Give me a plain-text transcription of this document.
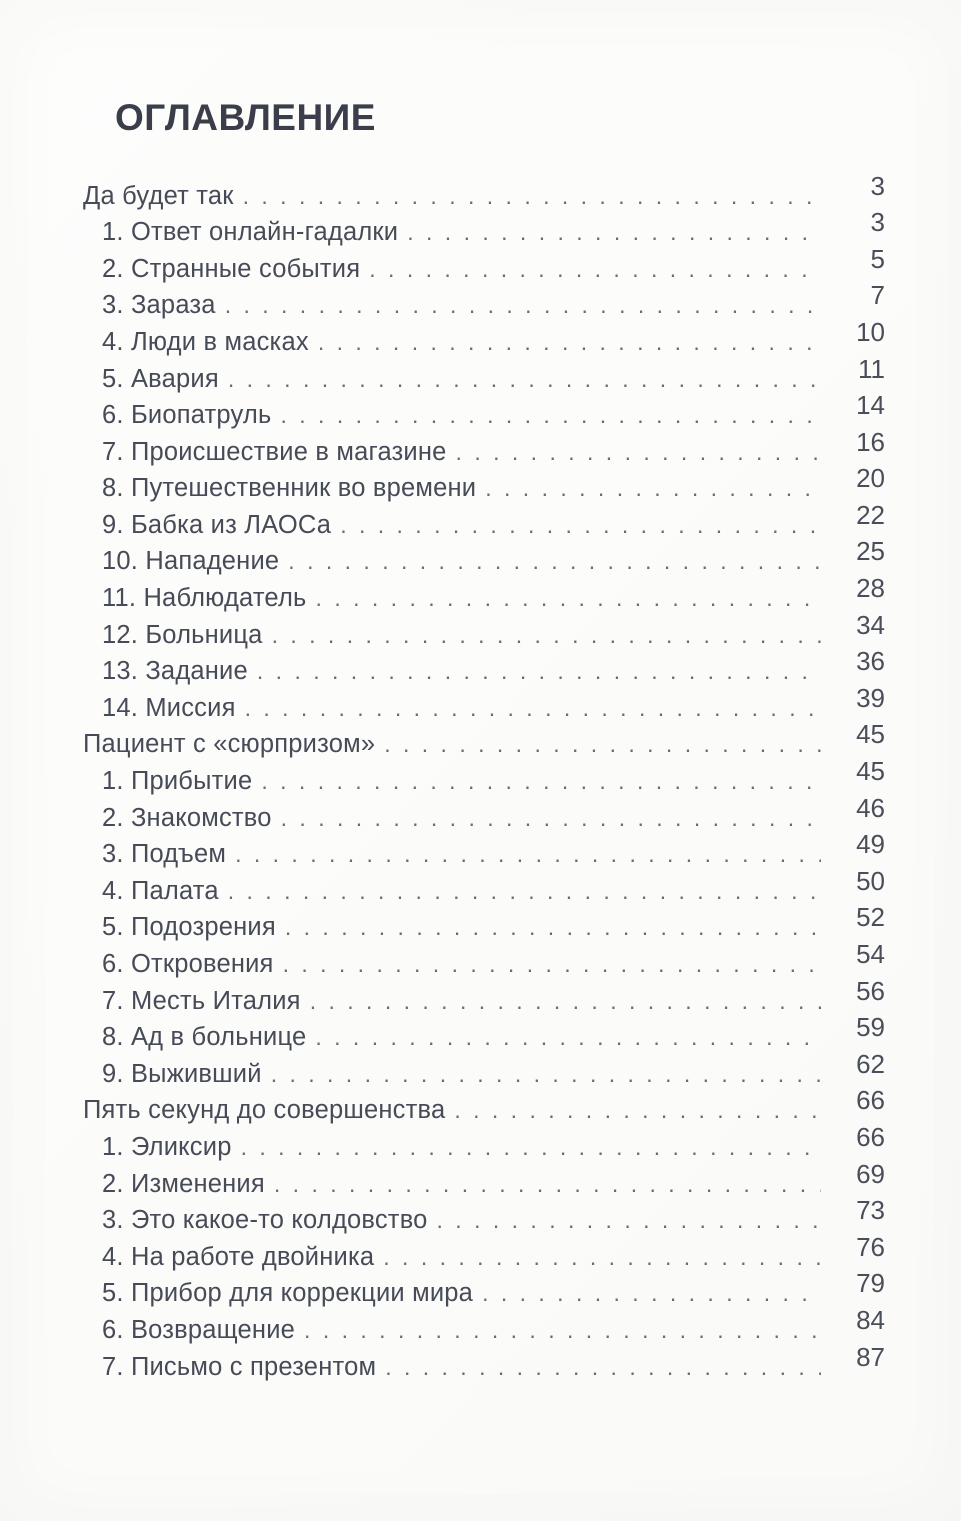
ОГЛАВЛЕНИЕ
Да будет так . . .	3
1. Ответ онлайн-гадалки . . .	3
2. Странные события . . .	5
3. Зараза . . .	7
4. Люди в масках . . .	10
5. Авария . . .	11
6. Биопатруль . . .	14
7. Происшествие в магазине . . .	16
8. Путешественник во времени . . .	20
9. Бабка из ЛАОСа . . .	22
10. Нападение . . .	25
11. Наблюдатель . . .	28
12. Больница . . .	34
13. Задание . . .	36
14. Миссия . . .	39
Пациент с «сюрпризом» . . .	45
1. Прибытие . . .	45
2. Знакомство . . .	46
3. Подъем . . .	49
4. Палата . . .	50
5. Подозрения . . .	52
6. Откровения . . .	54
7. Месть Италия . . .	56
8. Ад в больнице . . .	59
9. Выживший . . .	62
Пять секунд до совершенства . . .	66
1. Эликсир . . .	66
2. Изменения . . .	69
3. Это какое-то колдовство . . .	73
4. На работе двойника . . .	76
5. Прибор для коррекции мира . . .	79
6. Возвращение . . .	84
7. Письмо с презентом . . .	87
